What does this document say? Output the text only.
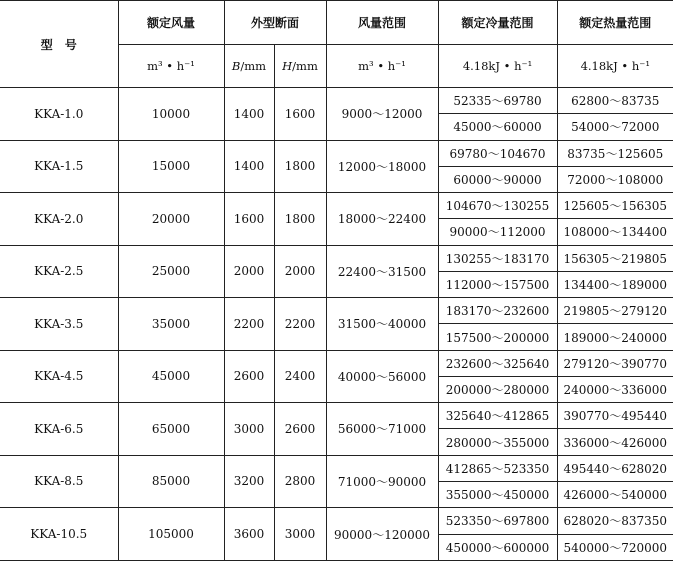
型　号	额定风量	外型断面		风量范围	额定冷量范围	额定热量范围
	m³ • h⁻¹	B/mm	H/mm	m³ • h⁻¹	4.18kJ • h⁻¹	4.18kJ • h⁻¹
KKA-1.0	10000	1400	1600	9000～12000	52335～69780	62800～83735
					45000～60000	54000～72000
KKA-1.5	15000	1400	1800	12000～18000	69780～104670	83735～125605
					60000～90000	72000～108000
KKA-2.0	20000	1600	1800	18000～22400	104670～130255	125605～156305
					90000～112000	108000～134400
KKA-2.5	25000	2000	2000	22400～31500	130255～183170	156305～219805
					112000～157500	134400～189000
KKA-3.5	35000	2200	2200	31500～40000	183170～232600	219805～279120
					157500～200000	189000～240000
KKA-4.5	45000	2600	2400	40000～56000	232600～325640	279120～390770
					200000～280000	240000～336000
KKA-6.5	65000	3000	2600	56000～71000	325640～412865	390770～495440
					280000～355000	336000～426000
KKA-8.5	85000	3200	2800	71000～90000	412865～523350	495440～628020
					355000～450000	426000～540000
KKA-10.5	105000	3600	3000	90000～120000	523350～697800	628020～837350
					450000～600000	540000～720000
